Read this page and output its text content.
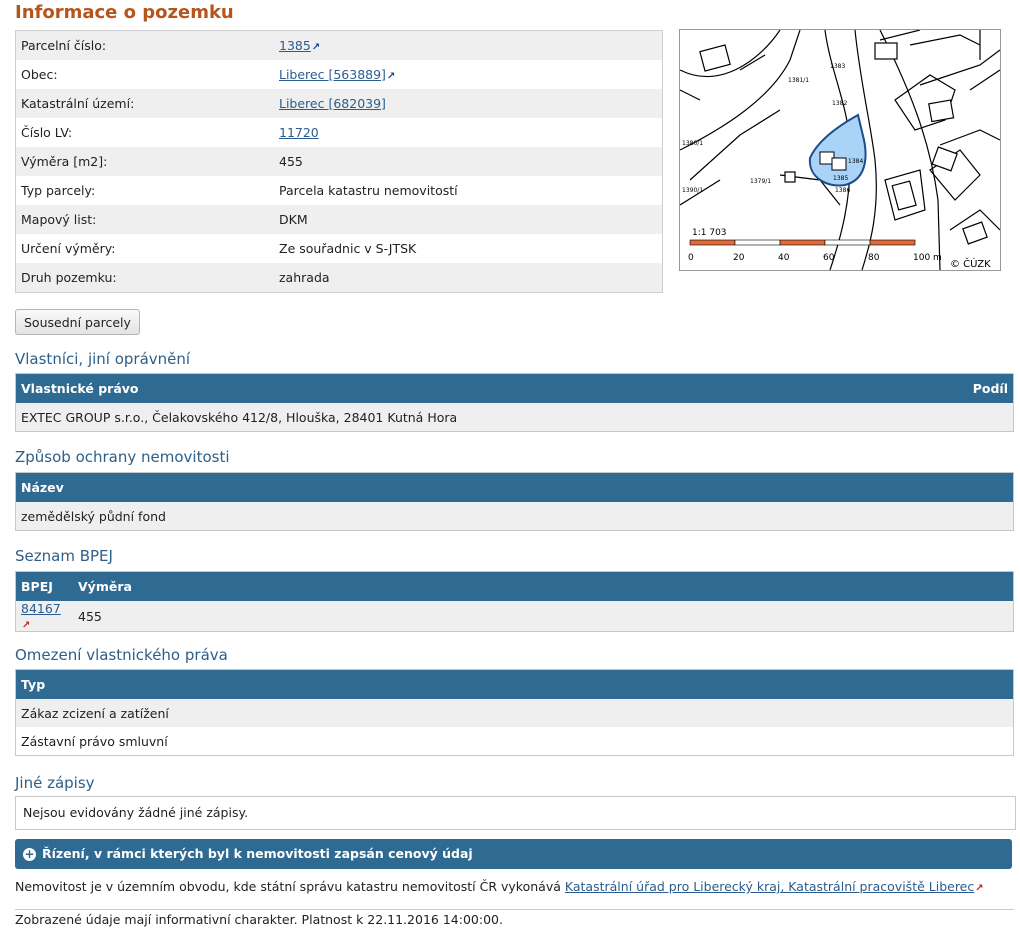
Informace o pozemku
Parcelní číslo:	1385↗
Obec:	Liberec [563889]↗
Katastrální území:	Liberec [682039]
Číslo LV:	11720
Výměra [m2]:	455
Typ parcely:	Parcela katastru nemovitostí
Mapový list:	DKM
Určení výměry:	Ze souřadnic v S-JTSK
Druh pozemku:	zahrada
1381/1
1383
1382
1385
1384
1386
1380/1
1379/1
1390/1
1:1 703
0	20	40	60	80	100 m
© ČÚZK
Sousední parcely
Vlastníci, jiní oprávnění
Vlastnické právo	Podíl
EXTEC GROUP s.r.o., Čelakovského 412/8, Hlouška, 28401 Kutná Hora
Způsob ochrany nemovitosti
Název
zemědělský půdní fond
Seznam BPEJ
BPEJ	Výměra
84167↗	455
Omezení vlastnického práva
Typ
Zákaz zcizení a zatížení
Zástavní právo smluvní
Jiné zápisy
Nejsou evidovány žádné jiné zápisy.
+ Řízení, v rámci kterých byl k nemovitosti zapsán cenový údaj
Nemovitost je v územním obvodu, kde státní správu katastru nemovitostí ČR vykonává Katastrální úřad pro Liberecký kraj, Katastrální pracoviště Liberec↗
Zobrazené údaje mají informativní charakter. Platnost k 22.11.2016 14:00:00.
